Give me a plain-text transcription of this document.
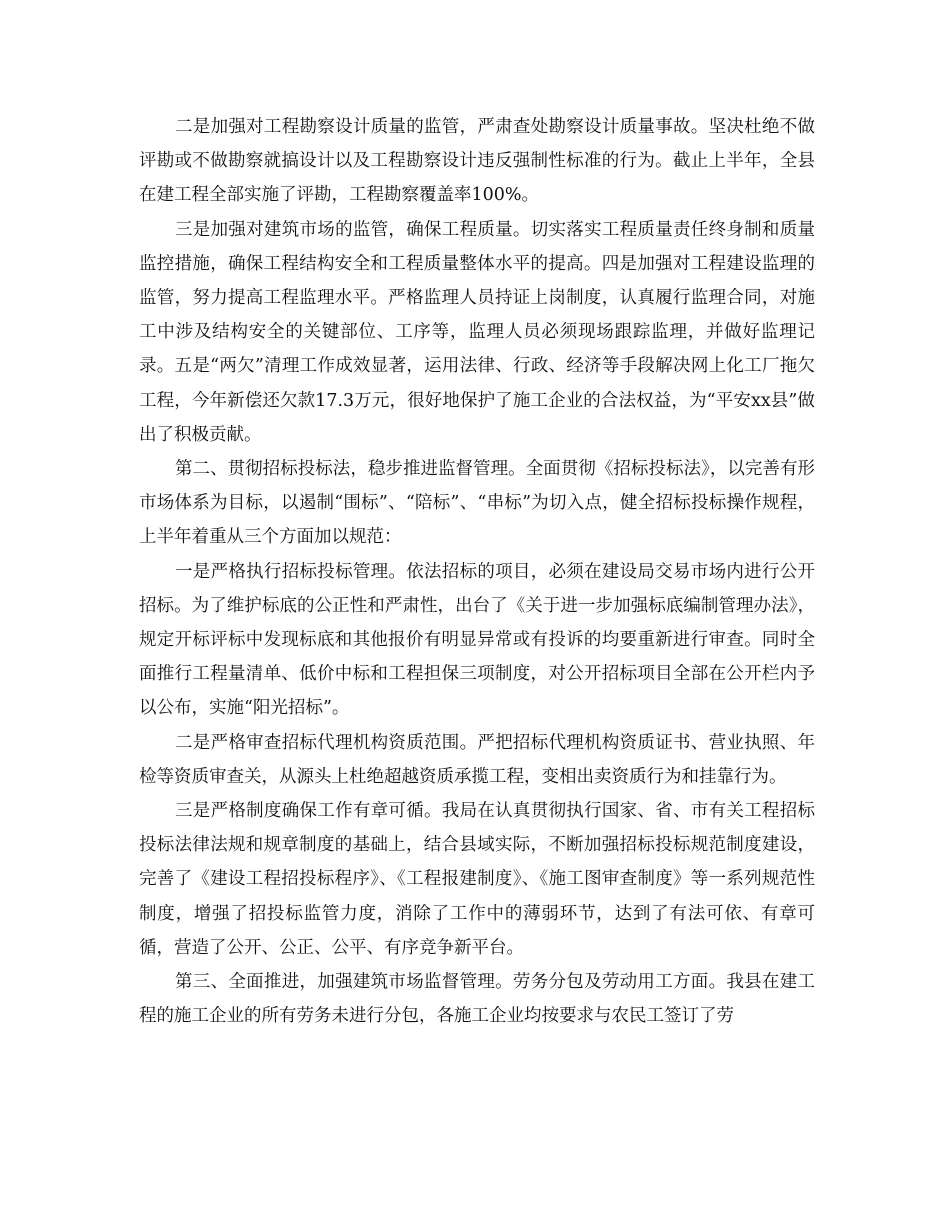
二是加强对工程勘察设计质量的监管，严肃查处勘察设计质量事故。坚决杜绝不做评勘或不做勘察就搞设计以及工程勘察设计违反强制性标准的行为。截止上半年，全县在建工程全部实施了评勘，工程勘察覆盖率100%。

三是加强对建筑市场的监管，确保工程质量。切实落实工程质量责任终身制和质量监控措施，确保工程结构安全和工程质量整体水平的提高。四是加强对工程建设监理的监管，努力提高工程监理水平。严格监理人员持证上岗制度，认真履行监理合同，对施工中涉及结构安全的关键部位、工序等，监理人员必须现场跟踪监理，并做好监理记录。五是“两欠”清理工作成效显著，运用法律、行政、经济等手段解决网上化工厂拖欠工程，今年新偿还欠款17.3万元，很好地保护了施工企业的合法权益，为“平安xx县”做出了积极贡献。

第二、贯彻招标投标法，稳步推进监督管理。全面贯彻《招标投标法》，以完善有形市场体系为目标，以遏制“围标”、“陪标”、“串标”为切入点，健全招标投标操作规程，上半年着重从三个方面加以规范：

一是严格执行招标投标管理。依法招标的项目，必须在建设局交易市场内进行公开招标。为了维护标底的公正性和严肃性，出台了《关于进一步加强标底编制管理办法》，规定开标评标中发现标底和其他报价有明显异常或有投诉的均要重新进行审查。同时全面推行工程量清单、低价中标和工程担保三项制度，对公开招标项目全部在公开栏内予以公布，实施“阳光招标”。

二是严格审查招标代理机构资质范围。严把招标代理机构资质证书、营业执照、年检等资质审查关，从源头上杜绝超越资质承揽工程，变相出卖资质行为和挂靠行为。

三是严格制度确保工作有章可循。我局在认真贯彻执行国家、省、市有关工程招标投标法律法规和规章制度的基础上，结合县域实际，不断加强招标投标规范制度建设，完善了《建设工程招投标程序》、《工程报建制度》、《施工图审查制度》等一系列规范性制度，增强了招投标监管力度，消除了工作中的薄弱环节，达到了有法可依、有章可循，营造了公开、公正、公平、有序竞争新平台。

第三、全面推进，加强建筑市场监督管理。劳务分包及劳动用工方面。我县在建工程的施工企业的所有劳务未进行分包，各施工企业均按要求与农民工签订了劳
